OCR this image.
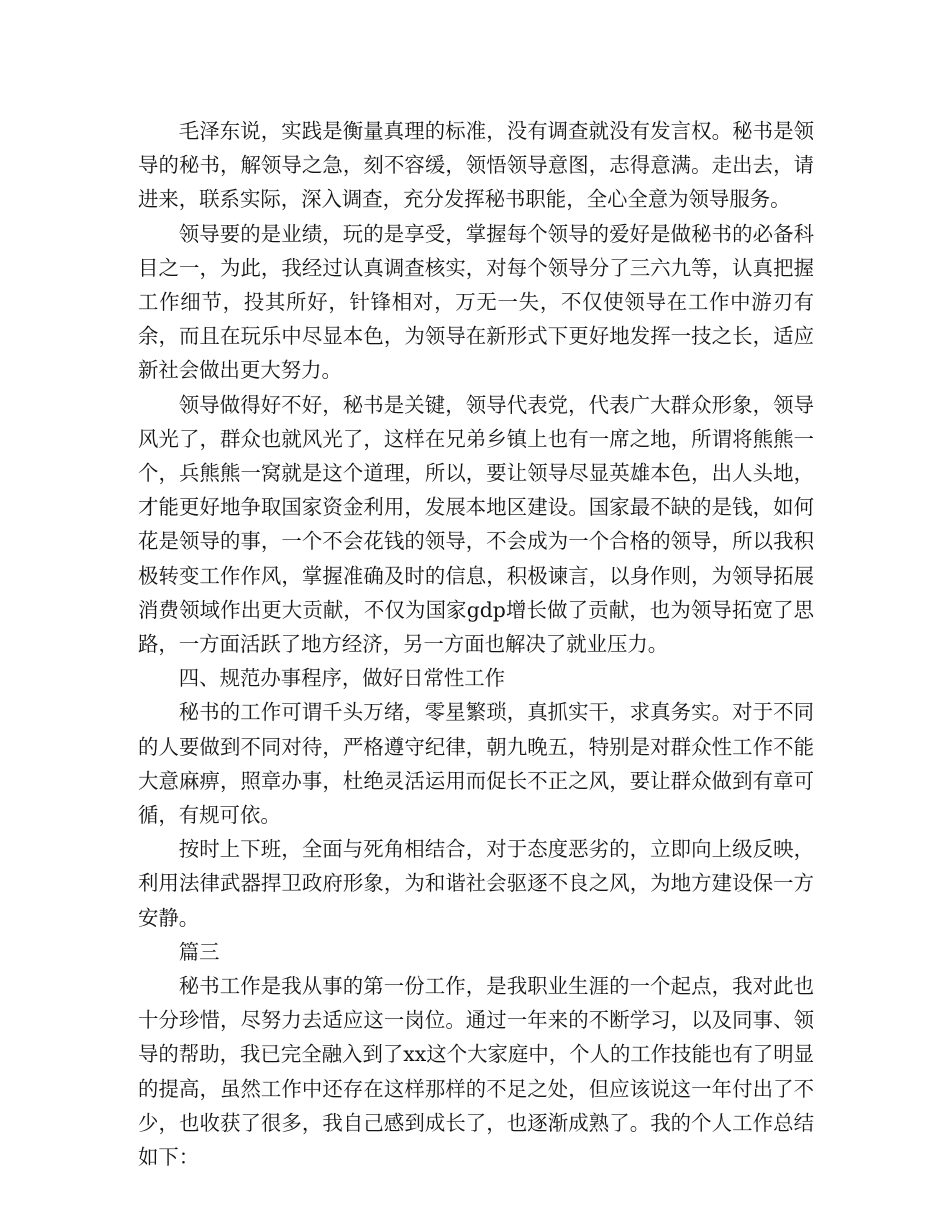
毛泽东说，实践是衡量真理的标准，没有调查就没有发言权。秘书是领导的秘书，解领导之急，刻不容缓，领悟领导意图，志得意满。走出去，请进来，联系实际，深入调查，充分发挥秘书职能，全心全意为领导服务。

领导要的是业绩，玩的是享受，掌握每个领导的爱好是做秘书的必备科目之一，为此，我经过认真调查核实，对每个领导分了三六九等，认真把握工作细节，投其所好，针锋相对，万无一失，不仅使领导在工作中游刃有余，而且在玩乐中尽显本色，为领导在新形式下更好地发挥一技之长，适应新社会做出更大努力。

领导做得好不好，秘书是关键，领导代表党，代表广大群众形象，领导风光了，群众也就风光了，这样在兄弟乡镇上也有一席之地，所谓将熊熊一个，兵熊熊一窝就是这个道理，所以，要让领导尽显英雄本色，出人头地，才能更好地争取国家资金利用，发展本地区建设。国家最不缺的是钱，如何花是领导的事，一个不会花钱的领导，不会成为一个合格的领导，所以我积极转变工作作风，掌握准确及时的信息，积极谏言，以身作则，为领导拓展消费领域作出更大贡献，不仅为国家gdp增长做了贡献，也为领导拓宽了思路，一方面活跃了地方经济，另一方面也解决了就业压力。

四、规范办事程序，做好日常性工作

秘书的工作可谓千头万绪，零星繁琐，真抓实干，求真务实。对于不同的人要做到不同对待，严格遵守纪律，朝九晚五，特别是对群众性工作不能大意麻痹，照章办事，杜绝灵活运用而促长不正之风，要让群众做到有章可循，有规可依。

按时上下班，全面与死角相结合，对于态度恶劣的，立即向上级反映，利用法律武器捍卫政府形象，为和谐社会驱逐不良之风，为地方建设保一方安静。

篇三

秘书工作是我从事的第一份工作，是我职业生涯的一个起点，我对此也十分珍惜，尽努力去适应这一岗位。通过一年来的不断学习，以及同事、领导的帮助，我已完全融入到了xx这个大家庭中，个人的工作技能也有了明显的提高，虽然工作中还存在这样那样的不足之处，但应该说这一年付出了不少，也收获了很多，我自己感到成长了，也逐渐成熟了。我的个人工作总结如下：
